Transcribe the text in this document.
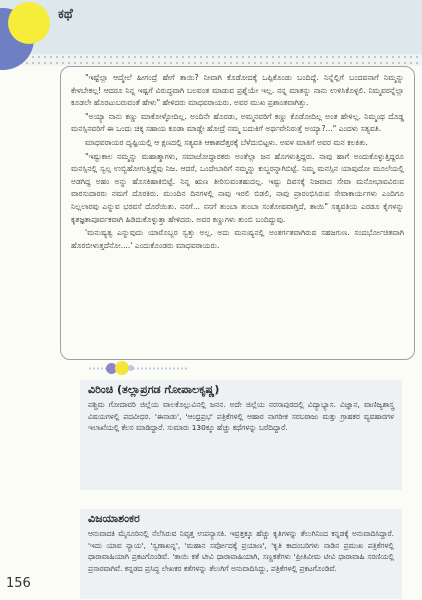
ಕಥೆ

"ಇಷ್ಟೆಲ್ಲಾ ಆದ್ಮೇಲೆ ಹೀಗಂದ್ರೆ ಹೇಗೆ ತಾಯಿ? ನೀವಾಗಿ ಕೊಡೋದಕ್ಕೆ ಒಪ್ಪಿಕೊಂಡು ಬಂದಿದ್ದೆ. ನಿನ್ನೆಲ್ಲಿಗೆ ಬಂದವನಾಗೆ ನಿಮ್ಮನ್ನು ಕೇಳಬೇಕಲ್ಲ! ಆದರೂ ನಿನ್ನ ಇಷ್ಟಗೆ ವಿರುದ್ಧವಾಗಿ ಬಲವಂತ ಮಾಡುವ ಪ್ರಶ್ನೆಯೇ ಇಲ್ಲ. ನನ್ನ ಮಾತನ್ನು ನಾನು ಉಳಿಸಿಕೊಳ್ಳಲಿ. ನಿಮ್ಮವರನ್ನೆಲ್ಲಾ ಕೂಡಲೇ ಹೊರಟುಬರುವಂತೆ ಹೇಳು" ಹೇಳಿದರು ಮಾಧವರಾಯರು. ಅವರ ಮುಖ ಪ್ರಶಾಂತವಾಗಿತ್ತು.

"ಅಯ್ಯಾ ನಾನು ಕಣ್ಣು ಮಾಕೋಳ್ಳೋದಿಲ್ಲ. ಅಂದಿನೇ ಹೊರಡು, ಅಮ್ಮನವರಿಗೆ ಕಣ್ಣು ಕೊಡೋದಿಲ್ಲ ಅಂತ ಹೇಳಿಲ್ಲ. ನಿಮ್ಮಂಥ ದೊಡ್ಡ ಮನಸ್ಸಿನವರಿಗೆ ಈ ಒಂದು ಚಿಕ್ಕ ಸಹಾಯ ಕೂಡಾ ಮಾಡ್ದೇ ಹೋದ್ರೆ ನಮ್ಮ ಬದುಕಿಗೆ ಅರ್ಥವೇನಿರುತ್ತೆ ಅಯ್ಯಾ?..." ಎಂದಳು ಸತ್ಯವತಿ.

ಮಾಧವರಾಯರ ದೃಷ್ಟಿಯಲ್ಲಿ ಆ ಕ್ಷಣದಲ್ಲಿ ಸತ್ಯವತಿ ಆಕಾಶದೆತ್ತರಕ್ಕೆ ಬೆಳೆದುಬಿಟ್ಟಳು. ಅವಳ ಮಾತಿಗೆ ಅವರ ಮನ ಕಲಕಿತು.

"ಇಷ್ಟುಕಾಲ ನಮ್ಮನ್ನು ಮಹಾತ್ಮಾಗಳು, ಸಮಾಜೋದ್ಧಾರಕರು ಅಂತೆಲ್ಲಾ ಜನ ಹೊಗಳುತ್ತಿದ್ದರು. ನಾವು ಹಾಗೆ ಅಂದುಕೊಳ್ಳುತ್ತಿದ್ದರೂ ಮನಸ್ಸಿನಲ್ಲಿ ಸ್ವಲ್ಪ ಉಬ್ಬಿಹೋಗುತ್ತಿದ್ದೆವು ನಿಜ. ಆದರೆ, ಒಂದೇಬಾರಿಗೆ ನಮ್ಮನ್ನು ಕುಬ್ಜರನ್ನಾಗಿಬಿಟ್ಟೆ. ನಿಮ್ಮ ಮನಸ್ಸಿನ ಯಾವುದೋ ಮೂಲೆಯಲ್ಲಿ ಅಡಗಿದ್ದ ಅಹಂ ಅನ್ನು ಹೊಸಕಿಹಾಕಿಬಿಟ್ಟೆ. ನಿನ್ನ ಋಣ ತೀರಿಸುವಂತಹುದಲ್ಲ. ಇಷ್ಟು ದಿವಸಕ್ಕೆ ನಿಜವಾದ ಸೇವಾ ಮನೋಭಾವವಿರುವ ವಾರಸುದಾರರು ನಮಗೆ ದೊರಕಿರು. ಮುಂದಿನ ದಿನಗಳಲ್ಲಿ ನಾವು ಇರಲಿ ಬಿಡಲಿ, ನಾವು ಪ್ರಾರಂಭಿಸಿರುವ ಸೇವಾಕಾರ್ಯಗಳು ಎಂದಿಗೂ ನಿಲ್ಲಲಾರವು ಎನ್ನುವ ಭರವಸೆ ದೊರೆಯಿತು. ನನಗೆ... ನನಗೆ ತುಂಬಾ ತುಂಬಾ ಸಂತೋಷವಾಗ್ತಿದೆ, ತಾಯಿ" ಸತ್ಯವತಿಯ ಎರಡೂ ಕೈಗಳನ್ನು ಕೃತಜ್ಞತಾಪೂರ್ವಕವಾಗಿ ಹಿಡಿದುಕೊಳ್ಳುತ್ತಾ ಹೇಳಿದರು. ಅವರ ಕಣ್ಣುಗಳು ತುಂಬಿ ಬಂದಿದ್ದುವು.

'ಮನುಷ್ಯತ್ವ ಎನ್ನುವುದು ಯಾರೊಬ್ಬರ ಸ್ವತ್ತು ಅಲ್ಲ. ಅದು ಮನುಷ್ಯನಲ್ಲಿ ಅಂತರ್ಗತವಾಗಿರುವ ಸಹಜಗುಣ. ಸಂದರ್ಭೋಚಿತವಾಗಿ ಹೊರಬೀಳುತ್ತದೆನೋ....' ಎಂದುಕೊಂಡರು ಮಾಧವರಾಯರು.

ವಿರಿಂಚಿ (ತಲ್ಲಾಪ್ರಗಡ ಗೋಪಾಲಕೃಷ್ಣ)

ಪಶ್ಚಿಮ ಗೋದಾವರಿ ಜಿಲ್ಲೆಯ ವಾಲಕೊಲ್ಲುವಿನಲ್ಲಿ ಜನನ. ಅದೇ ಜಿಲ್ಲೆಯ ನರಸಾಪುರದಲ್ಲಿ ವಿದ್ಯಾಭ್ಯಾಸ. ವಿಜ್ಞಾನ, ವಾಣಿಜ್ಯಶಾಸ್ತ್ರ ವಿಷಯಗಳಲ್ಲಿ ಪದವೀಧರ. 'ಈನಾಡು', 'ಆಂಧ್ರಪ್ರಭ' ಪತ್ರಿಕೆಗಳಲ್ಲಿ ಆಹಾರ ನಾಗರೀಕ ಸರಬರಾಜು ಮತ್ತು ಗ್ರಾಹಕರ ವ್ಯವಹಾರಗಳ ಇಲಾಖೆಯಲ್ಲಿ ಕೆಲಸ ಮಾಡಿದ್ದಾರೆ. ಸುಮಾರು 130ಕ್ಕೂ ಹೆಚ್ಚು ಕಥೆಗಳನ್ನು ಬರೆದಿದ್ದಾರೆ.

ವಿಜಯಾಶಂಕರ

ಆನುವಾದಕಿ ಮೈಸೂರಿನಲ್ಲಿ ನೆಲೆಸಿರುವ ನಿವೃತ್ತ ಉಪನ್ಯಾಸಕಿ. ಇವ್ರತ್ತಕ್ಕೂ ಹೆಚ್ಚು ಕೃತಿಗಳನ್ನು ತೆಲುಗಿನಿಂದ ಕನ್ನಡಕ್ಕೆ ಅನುವಾದಿಸಿದ್ದಾರೆ. 'ಇದು ಯಾವ ನ್ಯಾಯ', 'ಸ್ವಣಾಖನ್ನ', 'ಮಹಾನ ಸರ್ವೋದಕ್ಕೆ ಪ್ರಯಾಣ', 'ಕೃತಿ ಕಾದಂಬರಿಗಳು ನಾಡಿನ ಪ್ರಮುಖ ಪತ್ರಿಕೆಗಳಲ್ಲಿ ಧಾರಾವಾಹಿಯಾಗಿ ಪ್ರಕಟಗೊಂಡಿವೆ. 'ತಾಯಿ ಕತೆ ಟೀವಿ ಧಾರಾವಾಹಿಯಾಗಿ, ಸಣ್ಣಕತೆಗಳು 'ಪ್ರೀತಿವೀಮ ಟೀವಿ ಧಾರಾವಾಹಿ ಸರಣಿಯಲ್ಲಿ ಪ್ರಸಾರವಾಗಿವೆ. ಕನ್ನಡದ ಪ್ರಸಿದ್ಧ ಲೇಖಕರ ಕತೆಗಳನ್ನು ತೆಲುಗಿಗೆ ಅನುವಾದಿಸಿದ್ದು, ಪತ್ರಿಕೆಗಳಲ್ಲಿ ಪ್ರಕಟಗೊಂಡಿವೆ.

156
